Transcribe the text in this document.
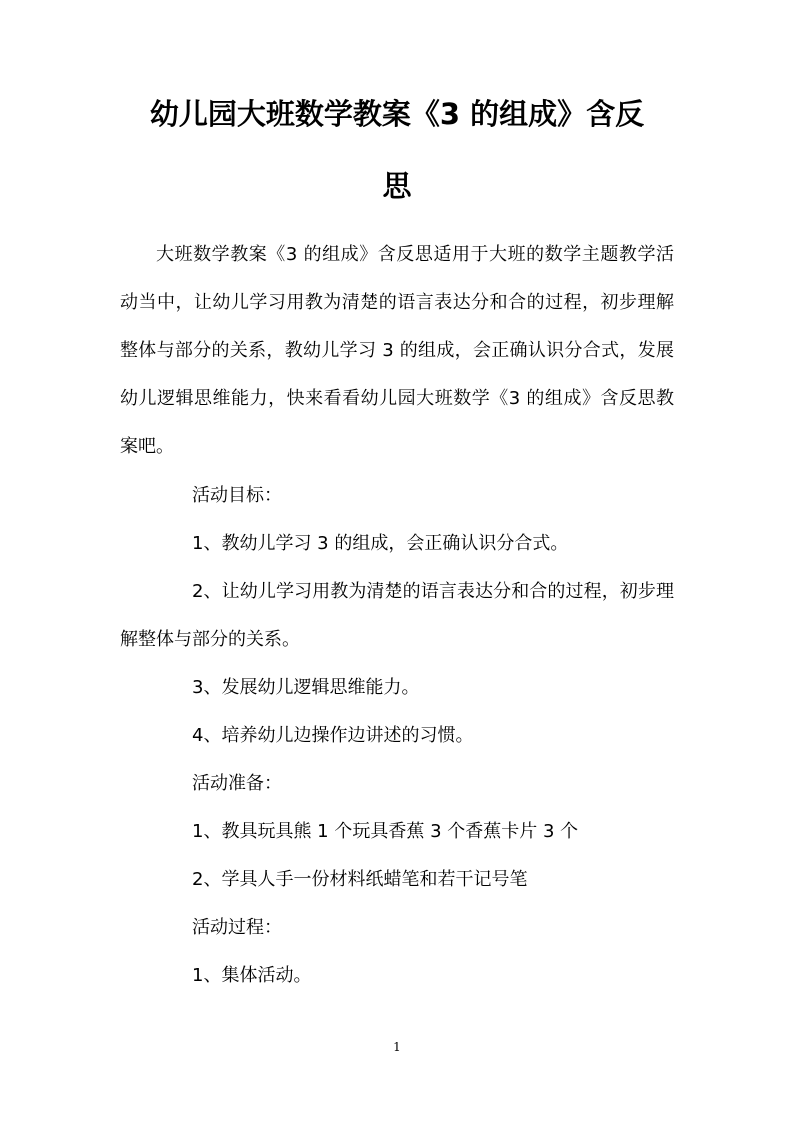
幼儿园大班数学教案《3 的组成》含反
思

大班数学教案《3 的组成》含反思适用于大班的数学主题教学活动当中，让幼儿学习用教为清楚的语言表达分和合的过程，初步理解整体与部分的关系，教幼儿学习 3 的组成，会正确认识分合式，发展幼儿逻辑思维能力，快来看看幼儿园大班数学《3 的组成》含反思教案吧。

活动目标：

1、教幼儿学习 3 的组成，会正确认识分合式。

2、让幼儿学习用教为清楚的语言表达分和合的过程，初步理解整体与部分的关系。

3、发展幼儿逻辑思维能力。

4、培养幼儿边操作边讲述的习惯。

活动准备：

1、教具玩具熊 1 个玩具香蕉 3 个香蕉卡片 3 个

2、学具人手一份材料纸蜡笔和若干记号笔

活动过程：

1、集体活动。

1
